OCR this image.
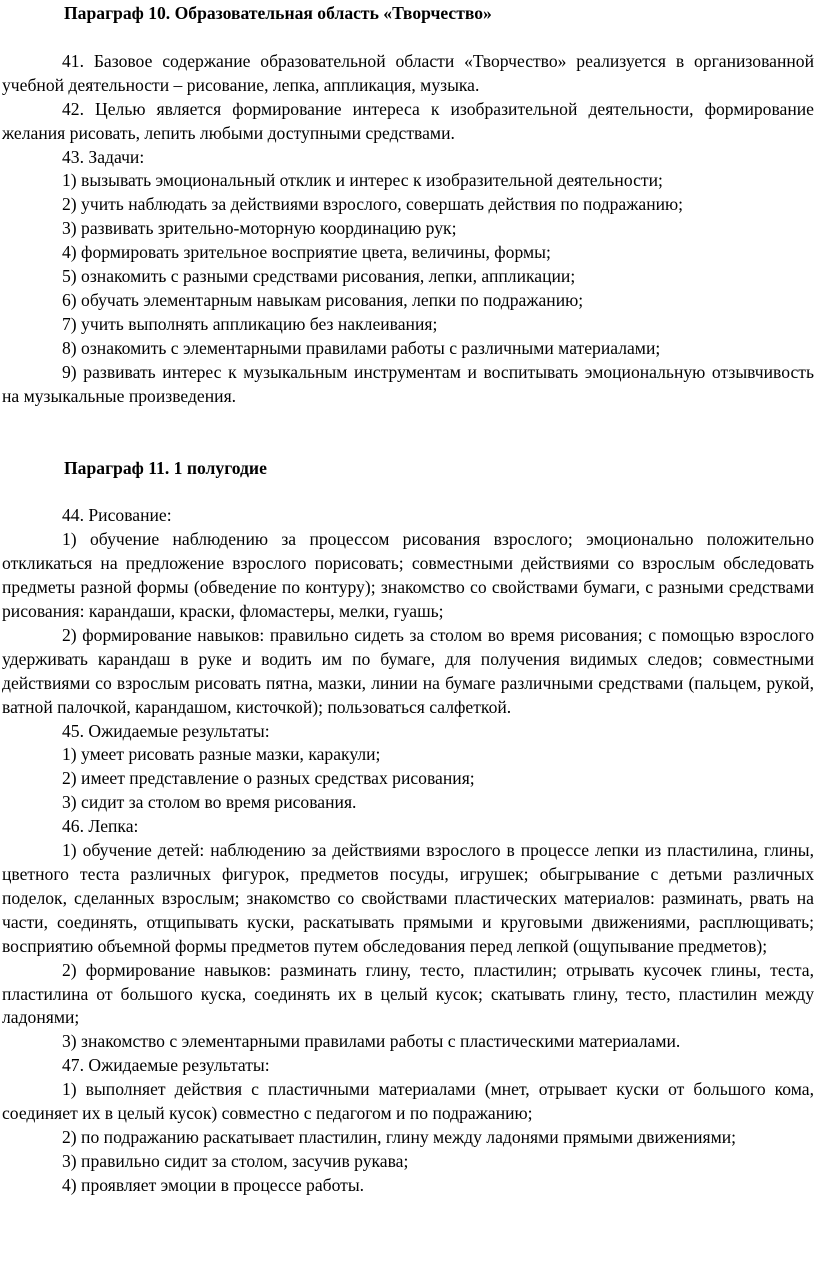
Параграф 10. Образовательная область «Творчество»

41. Базовое содержание образовательной области «Творчество» реализуется в организованной учебной деятельности – рисование, лепка, аппликация, музыка.

42. Целью является формирование интереса к изобразительной деятельности, формирование желания рисовать, лепить любыми доступными средствами.

43. Задачи:

1) вызывать эмоциональный отклик и интерес к изобразительной деятельности;

2) учить наблюдать за действиями взрослого, совершать действия по подражанию;

3) развивать зрительно-моторную координацию рук;

4) формировать зрительное восприятие цвета, величины, формы;

5) ознакомить с разными средствами рисования, лепки, аппликации;

6) обучать элементарным навыкам рисования, лепки по подражанию;

7) учить выполнять аппликацию без наклеивания;

8) ознакомить с элементарными правилами работы с различными материалами;

9) развивать интерес к музыкальным инструментам и воспитывать эмоциональную отзывчивость на музыкальные произведения.

Параграф 11. 1 полугодие

44. Рисование:

1) обучение наблюдению за процессом рисования взрослого; эмоционально положительно откликаться на предложение взрослого порисовать; совместными действиями со взрослым обследовать предметы разной формы (обведение по контуру); знакомство со свойствами бумаги, с разными средствами рисования: карандаши, краски, фломастеры, мелки, гуашь;

2) формирование навыков: правильно сидеть за столом во время рисования; с помощью взрослого удерживать карандаш в руке и водить им по бумаге, для получения видимых следов; совместными действиями со взрослым рисовать пятна, мазки, линии на бумаге различными средствами (пальцем, рукой, ватной палочкой, карандашом, кисточкой); пользоваться салфеткой.

45. Ожидаемые результаты:

1) умеет рисовать разные мазки, каракули;

2) имеет представление о разных средствах рисования;

3) сидит за столом во время рисования.

46. Лепка:

1) обучение детей: наблюдению за действиями взрослого в процессе лепки из пластилина, глины, цветного теста различных фигурок, предметов посуды, игрушек; обыгрывание с детьми различных поделок, сделанных взрослым; знакомство со свойствами пластических материалов: разминать, рвать на части, соединять, отщипывать куски, раскатывать прямыми и круговыми движениями, расплющивать; восприятию объемной формы предметов путем обследования перед лепкой (ощупывание предметов);

2) формирование навыков: разминать глину, тесто, пластилин; отрывать кусочек глины, теста, пластилина от большого куска, соединять их в целый кусок; скатывать глину, тесто, пластилин между ладонями;

3) знакомство с элементарными правилами работы с пластическими материалами.

47. Ожидаемые результаты:

1) выполняет действия с пластичными материалами (мнет, отрывает куски от большого кома, соединяет их в целый кусок) совместно с педагогом и по подражанию;

2) по подражанию раскатывает пластилин, глину между ладонями прямыми движениями;

3) правильно сидит за столом, засучив рукава;

4) проявляет эмоции в процессе работы.
